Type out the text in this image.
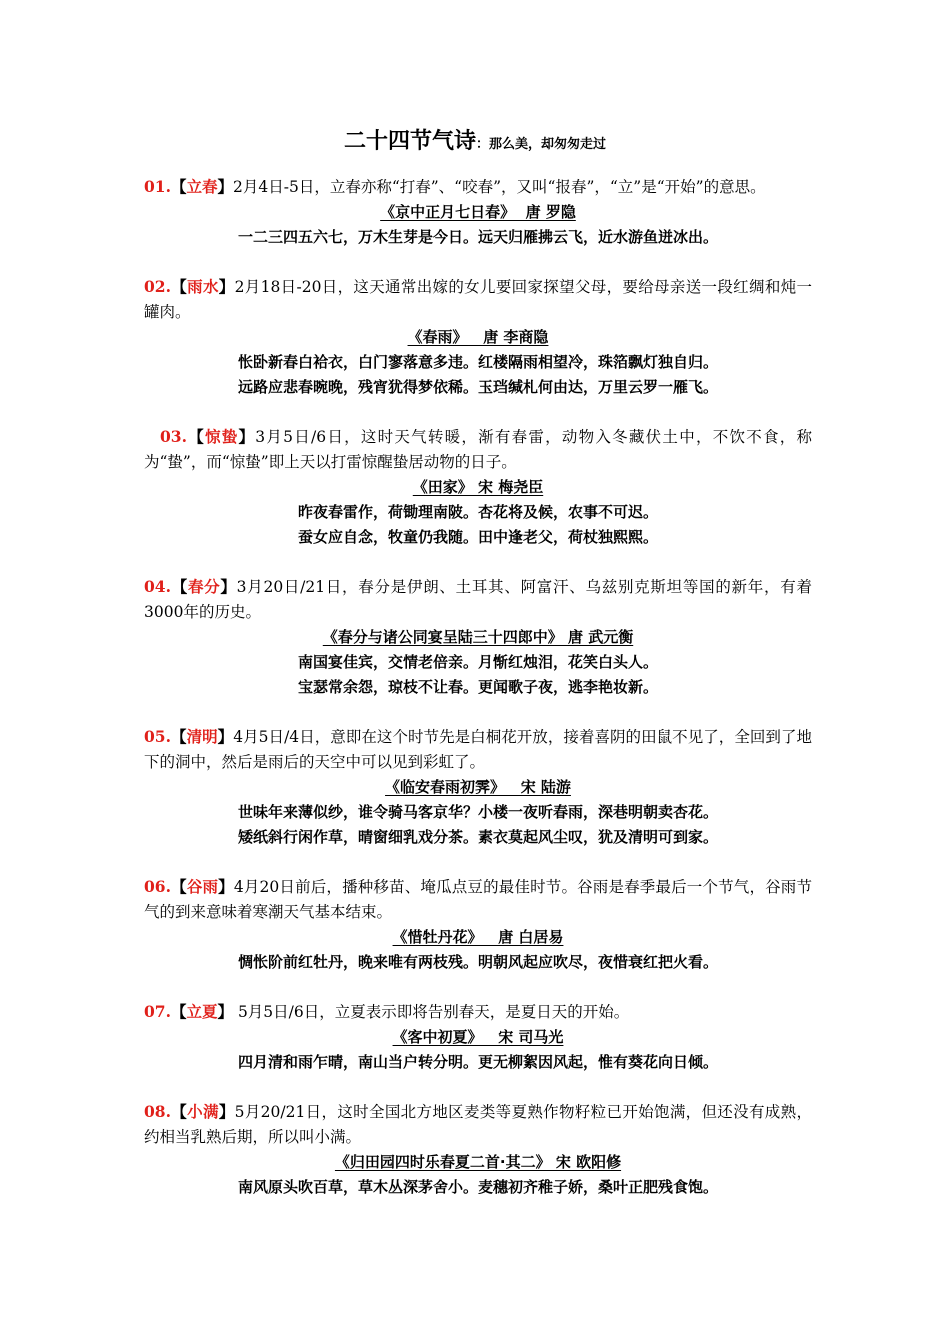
二十四节气诗：那么美，却匆匆走过

01.【立春】2月4日-5日，立春亦称“打春”、“咬春”，又叫“报春”，“立”是“开始”的意思。

《京中正月七日春》  唐 罗隐

一二三四五六七，万木生芽是今日。远天归雁拂云飞，近水游鱼迸冰出。

02.【雨水】2月18日-20日，这天通常出嫁的女儿要回家探望父母，要给母亲送一段红绸和炖一罐肉。

《春雨》   唐 李商隐

怅卧新春白袷衣，白门寥落意多违。红楼隔雨相望冷，珠箔飘灯独自归。

远路应悲春晼晚，残宵犹得梦依稀。玉珰缄札何由达，万里云罗一雁飞。

03.【惊蛰】3月5日/6日，这时天气转暖，渐有春雷，动物入冬藏伏土中，不饮不食，称为“蛰”，而“惊蛰”即上天以打雷惊醒蛰居动物的日子。

《田家》 宋 梅尧臣

昨夜春雷作，荷锄理南陂。杏花将及候，农事不可迟。

蚕女应自念，牧童仍我随。田中逢老父，荷杖独熙熙。

04.【春分】3月20日/21日，春分是伊朗、土耳其、阿富汗、乌兹别克斯坦等国的新年，有着3000年的历史。

《春分与诸公同宴呈陆三十四郎中》 唐 武元衡

南国宴佳宾，交情老倍亲。月惭红烛泪，花笑白头人。

宝瑟常余怨，琼枝不让春。更闻歌子夜，逃李艳妆新。

05.【清明】4月5日/4日，意即在这个时节先是白桐花开放，接着喜阴的田鼠不见了，全回到了地下的洞中，然后是雨后的天空中可以见到彩虹了。

《临安春雨初霁》   宋 陆游

世味年来薄似纱，谁令骑马客京华？小楼一夜听春雨，深巷明朝卖杏花。

矮纸斜行闲作草，晴窗细乳戏分茶。素衣莫起风尘叹，犹及清明可到家。

06.【谷雨】4月20日前后，播种移苗、埯瓜点豆的最佳时节。谷雨是春季最后一个节气，谷雨节气的到来意味着寒潮天气基本结束。

《惜牡丹花》   唐 白居易

惆怅阶前红牡丹，晚来唯有两枝残。明朝风起应吹尽，夜惜衰红把火看。

07.【立夏】 5月5日/6日，立夏表示即将告别春天，是夏日天的开始。

《客中初夏》   宋 司马光

四月清和雨乍晴，南山当户转分明。更无柳絮因风起，惟有葵花向日倾。

08.【小满】5月20/21日，这时全国北方地区麦类等夏熟作物籽粒已开始饱满，但还没有成熟，约相当乳熟后期，所以叫小满。

《归田园四时乐春夏二首·其二》 宋 欧阳修

南风原头吹百草，草木丛深茅舍小。麦穗初齐稚子娇，桑叶正肥残食饱。
